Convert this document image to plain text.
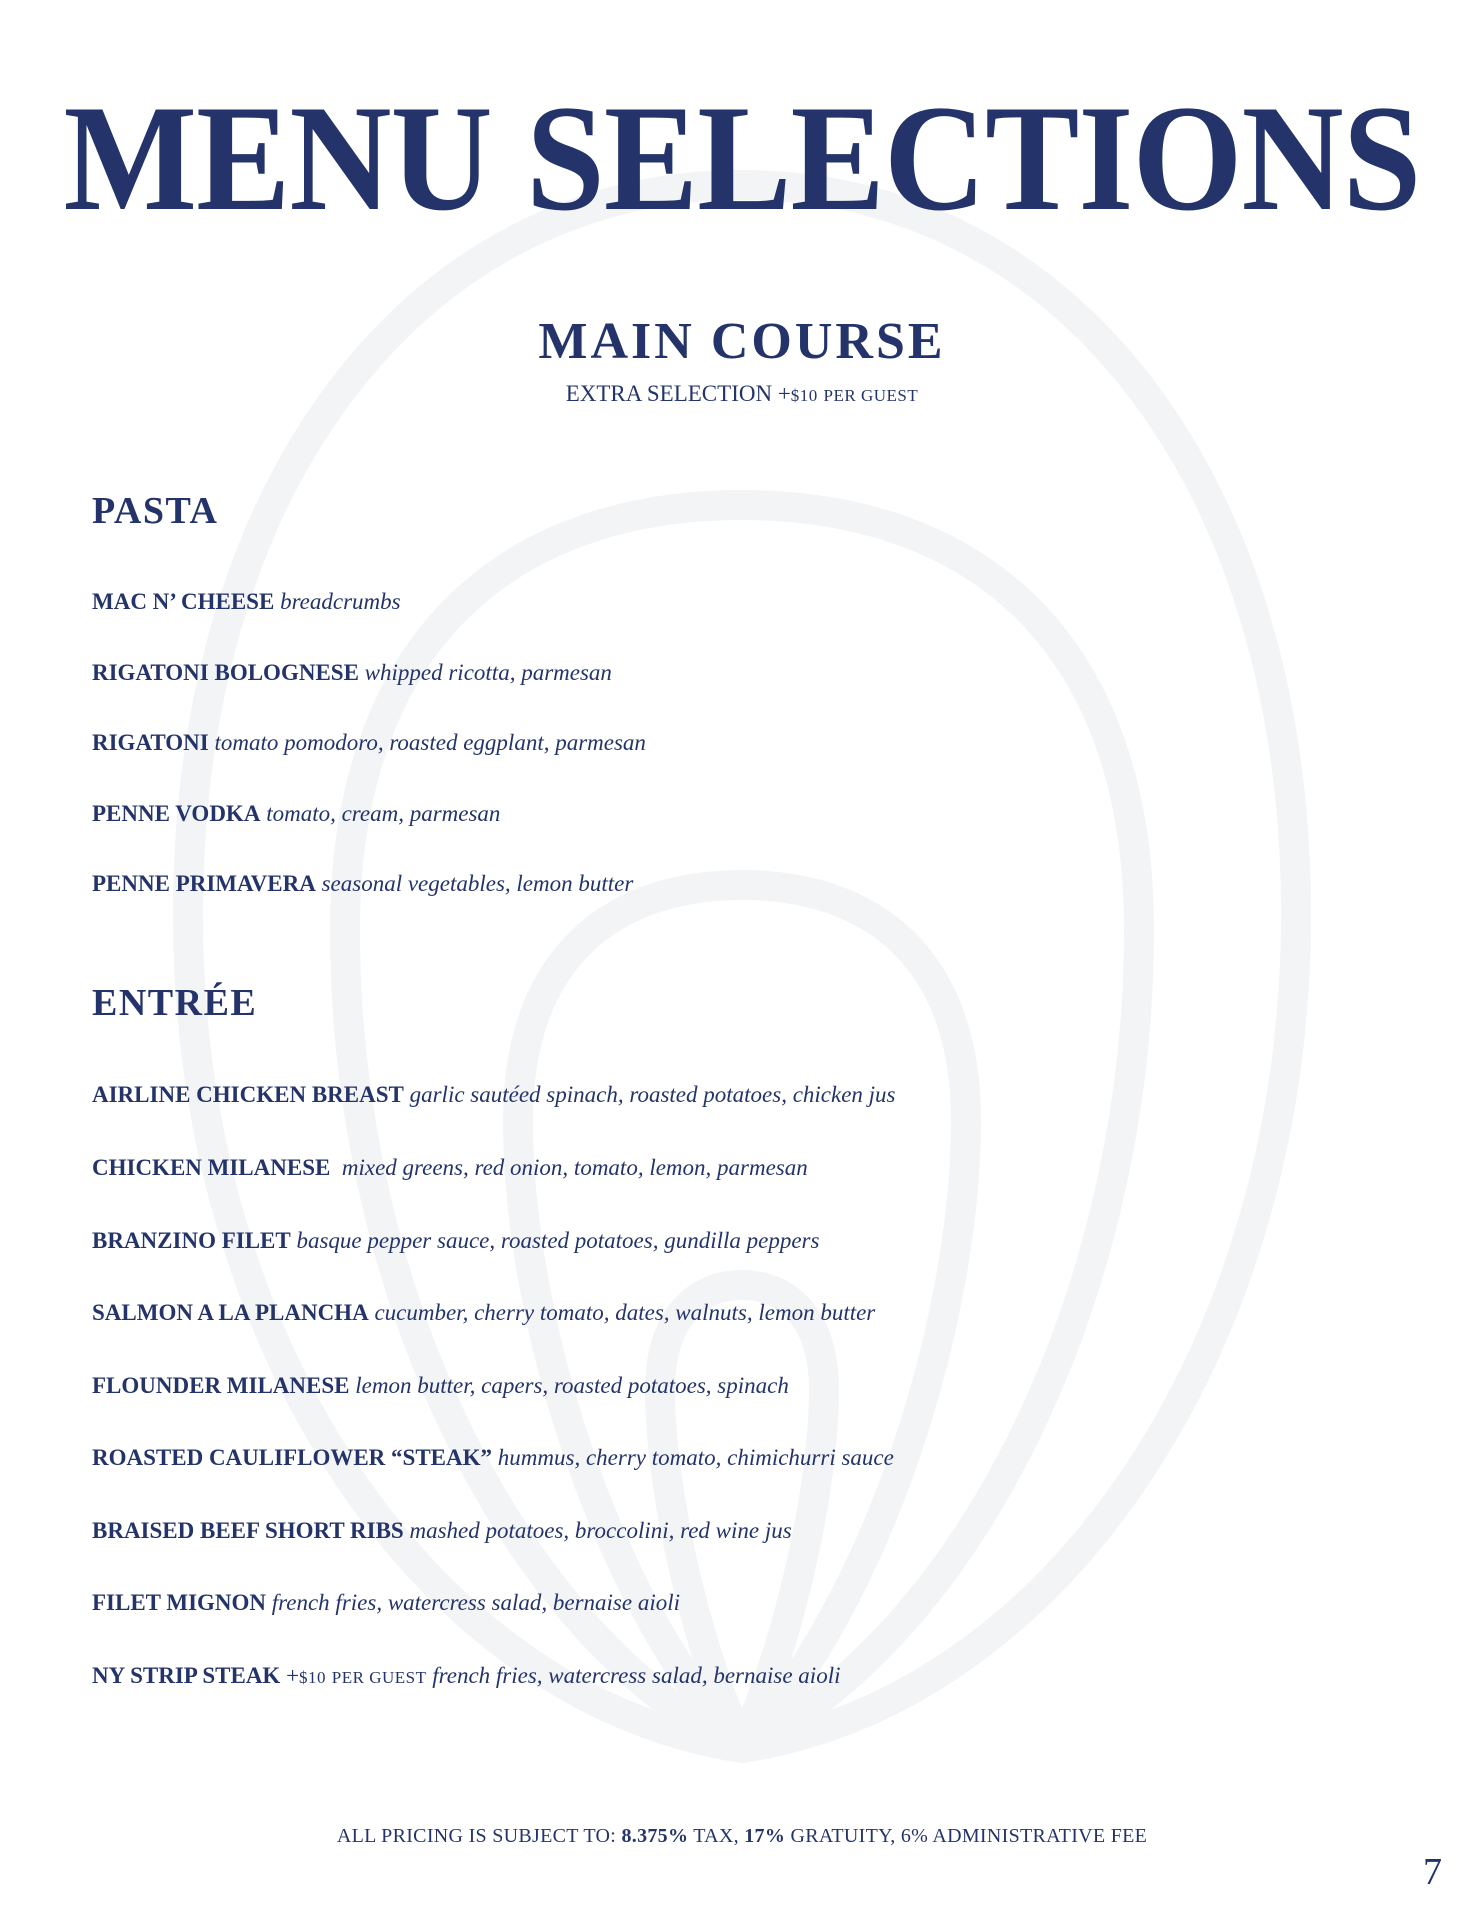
MENU SELECTIONS
MAIN COURSE
EXTRA SELECTION +$10 PER GUEST
PASTA
MAC N’ CHEESE breadcrumbs
RIGATONI BOLOGNESE whipped ricotta, parmesan
RIGATONI tomato pomodoro, roasted eggplant, parmesan
PENNE VODKA tomato, cream, parmesan
PENNE PRIMAVERA seasonal vegetables, lemon butter
ENTRÉE
AIRLINE CHICKEN BREAST garlic sautéed spinach, roasted potatoes, chicken jus
CHICKEN MILANESE mixed greens, red onion, tomato, lemon, parmesan
BRANZINO FILET basque pepper sauce, roasted potatoes, gundilla peppers
SALMON A LA PLANCHA cucumber, cherry tomato, dates, walnuts, lemon butter
FLOUNDER MILANESE lemon butter, capers, roasted potatoes, spinach
ROASTED CAULIFLOWER “STEAK” hummus, cherry tomato, chimichurri sauce
BRAISED BEEF SHORT RIBS mashed potatoes, broccolini, red wine jus
FILET MIGNON french fries, watercress salad, bernaise aioli
NY STRIP STEAK +$10 PER GUEST french fries, watercress salad, bernaise aioli
ALL PRICING IS SUBJECT TO: 8.375% TAX, 17% GRATUITY, 6% ADMINISTRATIVE FEE
7
